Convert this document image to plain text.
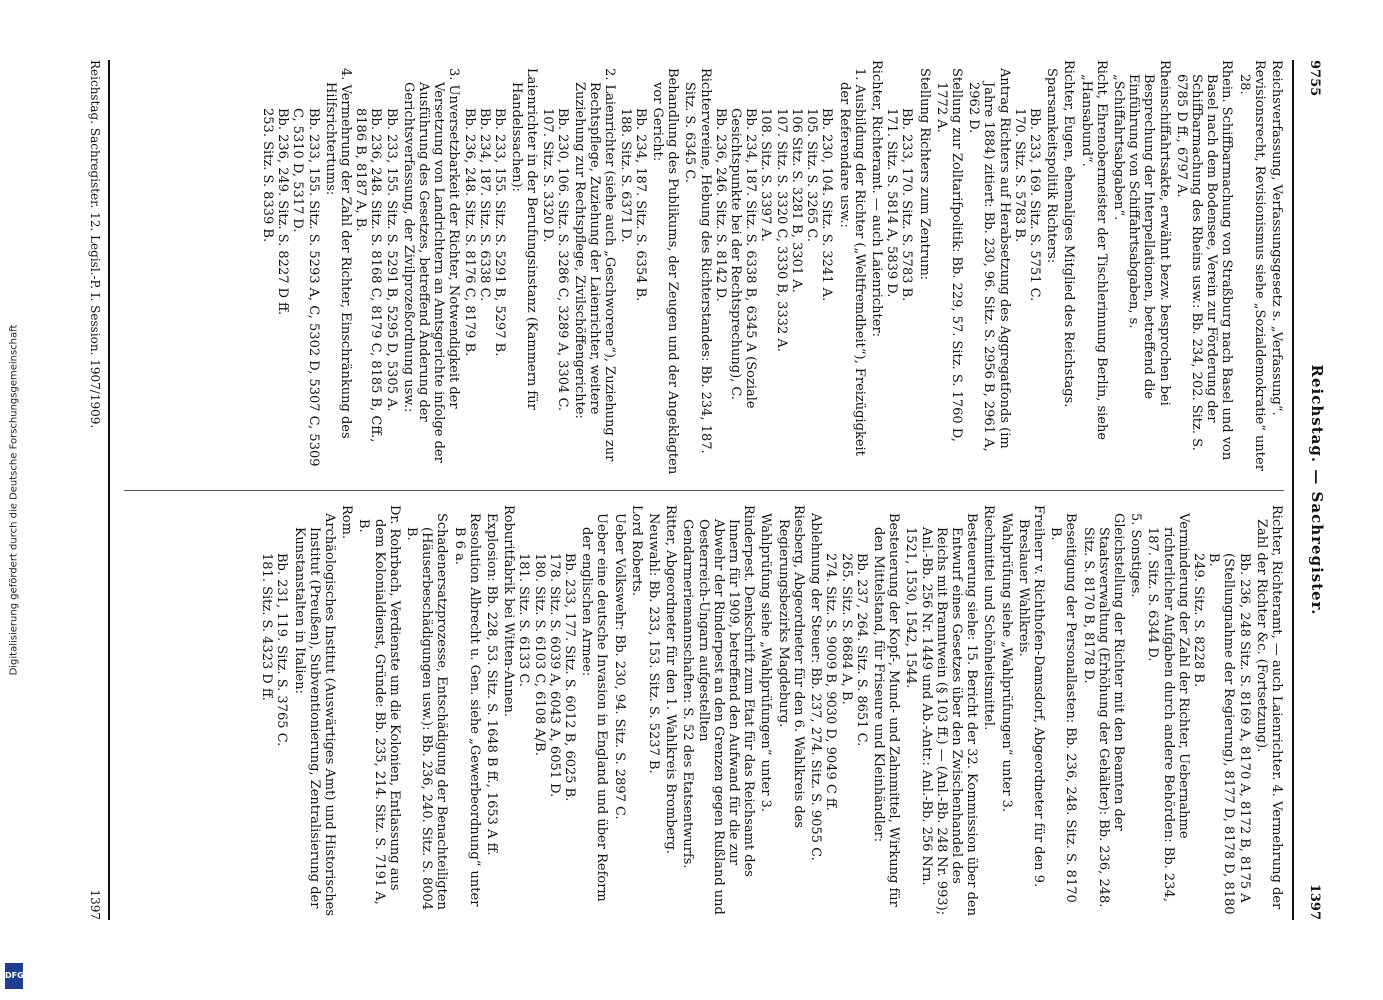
Digitalisierung gefördert durch die Deutsche Forschungsgemeinschaft
DFG
9755
Reichstag. — Sachregister.
1397
Reichsverfassung, Verfassungsgesetz s. „Verfassung“.
Revisionsrecht, Revisionismus siehe „Sozialdemokratie“ unter 28.
Rhein. Schiffbarmachung von Straßburg nach Basel und von Basel nach dem Bodensee, Verein zur Förderung der Schiffbarmachung des Rheins usw.: Bb. 234, 202. Sitz. S. 6785 D ff., 6797 A.
Rheinschiffahrtsakte, erwähnt bezw. besprochen bei Besprechung der Interpellationen, betreffend die Einführung von Schiffahrtsabgaben, s. „Schiffahrtsabgaben“.
Richt, Ehrenobermeister der Tischlerinnung Berlin, siehe „Hansabund“.
Richter, Eugen, ehemaliges Mitglied des Reichstags.
Sparsamkeitspolitik Richters:
Bb. 233, 169. Sitz. S. 5751 C.
170. Sitz. S. 5783 B.
Antrag Richters auf Herabsetzung des Aggregatfonds (im Jahre 1884) zitiert: Bb. 230, 96. Sitz. S. 2956 B, 2961 A, 2962 D.
Stellung zur Zolltarifpolitik: Bb. 229, 57. Sitz. S. 1760 D, 1772 A.
Stellung Richters zum Zentrum:
Bb. 233, 170. Sitz. S. 5783 B.
171. Sitz. S. 5814 A, 5839 D.
Richter, Richteramt. — auch Laienrichter:
1. Ausbildung der Richter („Weltfremdheit“), Freizügigkeit der Referendare usw.:
Bb. 230, 104. Sitz. S. 3241 A.
105. Sitz. S. 3265 C.
106 Sitz. S. 3281 B, 3301 A.
107. Sitz. S. 3320 C, 3330 B, 3332 A.
108. Sitz. S. 3397 A.
Bb. 234, 187. Sitz. S. 6338 B, 6345 A (Soziale Gesichtspunkte bei der Rechtsprechung), C.
Bb. 236, 246. Sitz. S. 8142 D.
Richtervereine, Hebung des Richterstandes: Bb. 234, 187. Sitz. S. 6345 C.
Behandlung des Publikums, der Zeugen und der Angeklagten vor Gericht:
Bb. 234, 187. Sitz. S. 6354 B.
188. Sitz. S. 6371 D.
2. Laienrichter (siehe auch „Geschworene“), Zuziehung zur Rechtspflege, Zuziehung der Laienrichter, weitere Zuziehung zur Rechtspflege, Zivilschöffengerichte:
Bb. 230, 106. Sitz. S. 3286 C, 3289 A, 3304 C.
107. Sitz. S. 3320 D.
Laienrichter in der Berufungsinstanz (Kammern für Handelssachen):
Bb. 233, 155. Sitz. S. 5291 B, 5297 B.
Bb. 234, 187. Sitz. S. 6338 C.
Bb. 236, 248. Sitz. S. 8176 C, 8179 B.
3. Unversetzbarkeit der Richter, Notwendigkeit der Versetzung von Landrichtern an Amtsgerichte infolge der Ausführung des Gesetzes, betreffend Änderung der Gerichtsverfassung, der Zivilprozeßordnung usw.:
Bb. 233, 155. Sitz. S. 5291 B, 5295 D, 5305 A.
Bb. 236, 248. Sitz. S. 8168 C, 8179 C, 8185 B, Cff., 8186 B, 8187 A, B.
4. Vermehrung der Zahl der Richter, Einschränkung des Hilfsrichtertums:
Bb. 233, 155. Sitz. S. 5293 A, C, 5302 D, 5307 C, 5309 C, 5310 D, 5317 D.
Bb. 236, 249. Sitz. S. 8227 D ff.
253. Sitz. S. 8339 B.
Richter, Richteramt, — auch Laienrichter. 4. Vermehrung der Zahl der Richter &c. (Fortsetzung).
Bb. 236, 248 Sitz. S. 8169 A, 8170 A, 8172 B, 8175 A (Stellungnahme der Regierung), 8177 D, 8178 D, 8180 B.
249. Sitz. S. 8228 B.
Verminderung der Zahl der Richter, Uebernahme richterlicher Aufgaben durch andere Behörden: Bb. 234, 187. Sitz. S. 6344 D.
5. Sonstiges.
Gleichstellung der Richter mit den Beamten der Staatsverwaltung (Erhöhung der Gehälter): Bb. 236, 248. Sitz. S. 8170 B, 8178 D.
Beseitigung der Personallasten: Bb. 236, 248. Sitz. S. 8170 B.
Freiherr v. Richthofen-Damsdorf, Abgeordneter für den 9. Breslauer Wahlkreis.
Wahlprüfung siehe „Wahlprüfungen“ unter 3.
Riechmittel und Schönheitsmittel.
Besteuerung siehe: 15. Bericht der 32. Kommission über den Entwurf eines Gesetzes über den Zwischenhandel des Reichs mit Branntwein (§ 103 ff.) — (Anl.-Bb. 248 Nr. 993); Anl.-Bb. 256 Nr. 1449 und Ab.-Antr.: Anl.-Bb. 256 Nrn. 1521, 1530, 1542, 1544.
Besteuerung der Kopf-, Mund- und Zahnmittel, Wirkung für den Mittelstand, für Friseure und Kleinhändler:
Bb. 237, 264. Sitz. S. 8651 C.
265. Sitz. S. 8684 A, B.
274. Sitz. S. 9009 B, 9030 D, 9049 C ff.
Ablehnung der Steuer: Bb. 237, 274. Sitz. S. 9055 C.
Riesberg, Abgeordneter für den 6. Wahlkreis des Regierungsbezirks Magdeburg.
Wahlprüfung siehe „Wahlprüfungen“ unter 3.
Rinderpest. Denkschrift zum Etat für das Reichsamt des Innern für 1909, betreffend den Aufwand für die zur Abwehr der Rinderpest an den Grenzen gegen Rußland und Oesterreich-Ungarn aufgestellten Gendarmeriemannschaften: S. 52 des Etatsentwurfs.
Ritter, Abgeordneter für den 1. Wahlkreis Bromberg.
Neuwahl: Bb. 233, 153. Sitz. S. 5237 B.
Lord Roberts.
Ueber Volkswehr: Bb. 230, 94. Sitz. S. 2897 C.
Ueber eine deutsche Invasion in England und über Reform der englischen Armee:
Bb. 233, 177. Sitz. S. 6012 B, 6025 B.
178. Sitz. S. 6039 A, 6043 A, 6051 D.
180. Sitz. S. 6103 C, 6108 A/B.
181. Sitz. S. 6133 C.
Roburitfabrik bei Witten-Annen.
Explosion: Bb. 228, 53. Sitz. S. 1648 B ff., 1653 A ff.
Resolution Albrecht u. Gen. siehe „Gewerbeordnung“ unter B 6 a.
Schadenersatzprozesse, Entschädigung der Benachteiligten (Häuserbeschädigungen usw.): Bb. 236, 240. Sitz. S. 8004 B.
Dr. Rohrbach, Verdienste um die Kolonien, Entlassung aus dem Kolonialdienst, Gründe: Bb. 235, 214. Sitz. S. 7191 A, B.
Rom.
Archäologisches Institut (Auswärtiges Amt) und Historisches Institut (Preußen), Subventionierung, Zentralisierung der Kunstanstalten in Italien:
Bb. 231, 119. Sitz. S. 3765 C.
181. Sitz. S. 4323 D ff.
Reichstag. Sachregister. 12. Legisl.-P. I. Session. 1907/1909.
1397
